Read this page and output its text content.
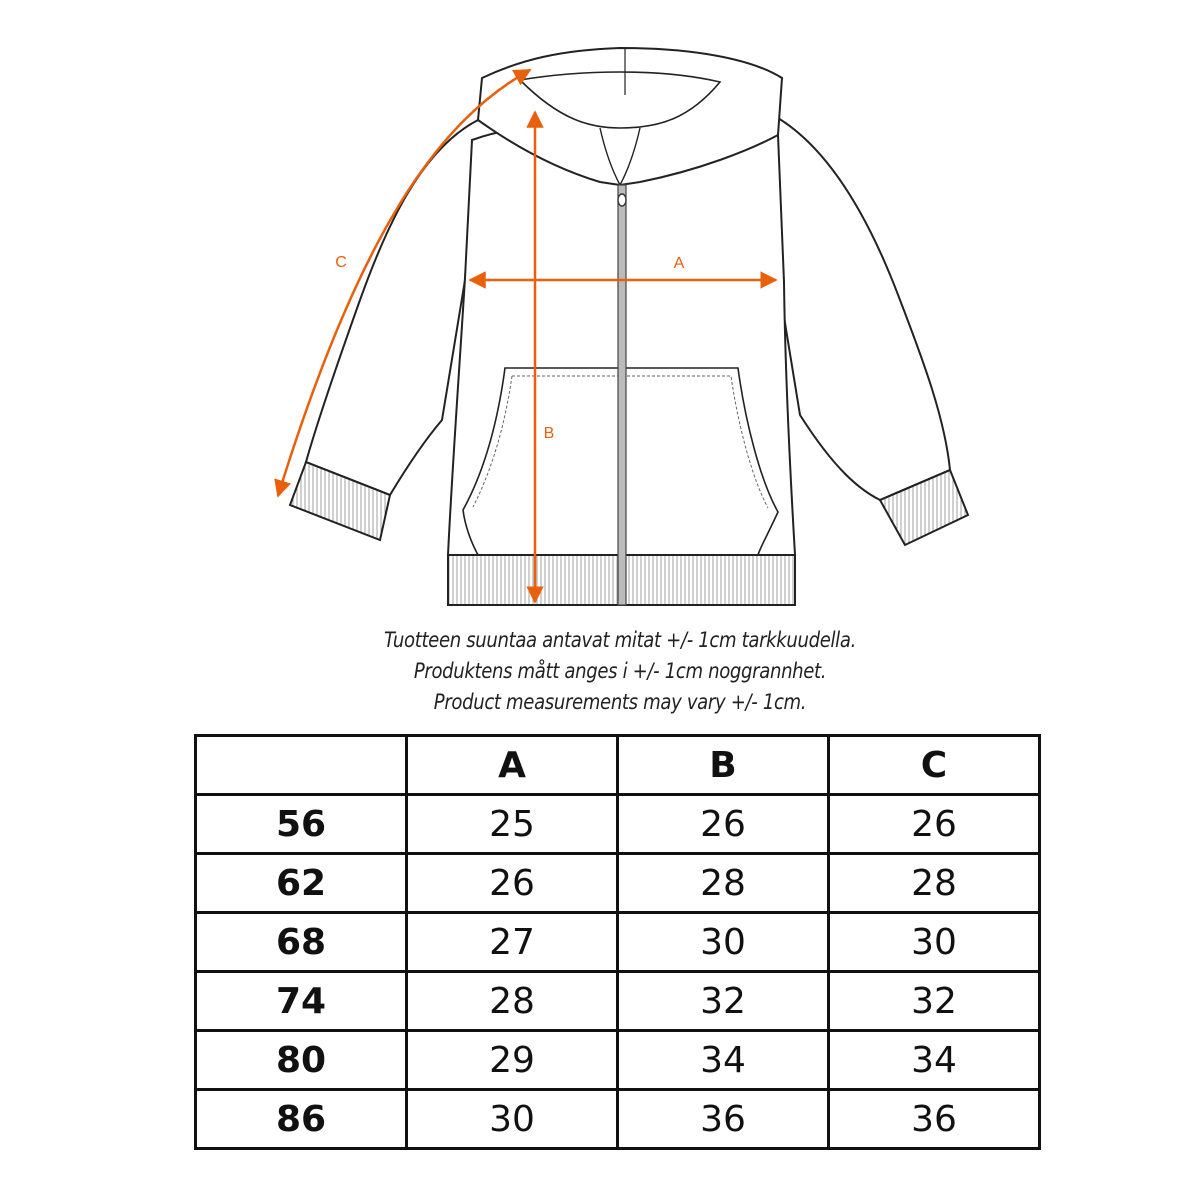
A
B
C
Tuotteen suuntaa antavat mitat +/- 1cm tarkkuudella.
Produktens mått anges i +/- 1cm noggrannhet.
Product measurements may vary +/- 1cm.
	A	B	C
56	25	26	26
62	26	28	28
68	27	30	30
74	28	32	32
80	29	34	34
86	30	36	36
